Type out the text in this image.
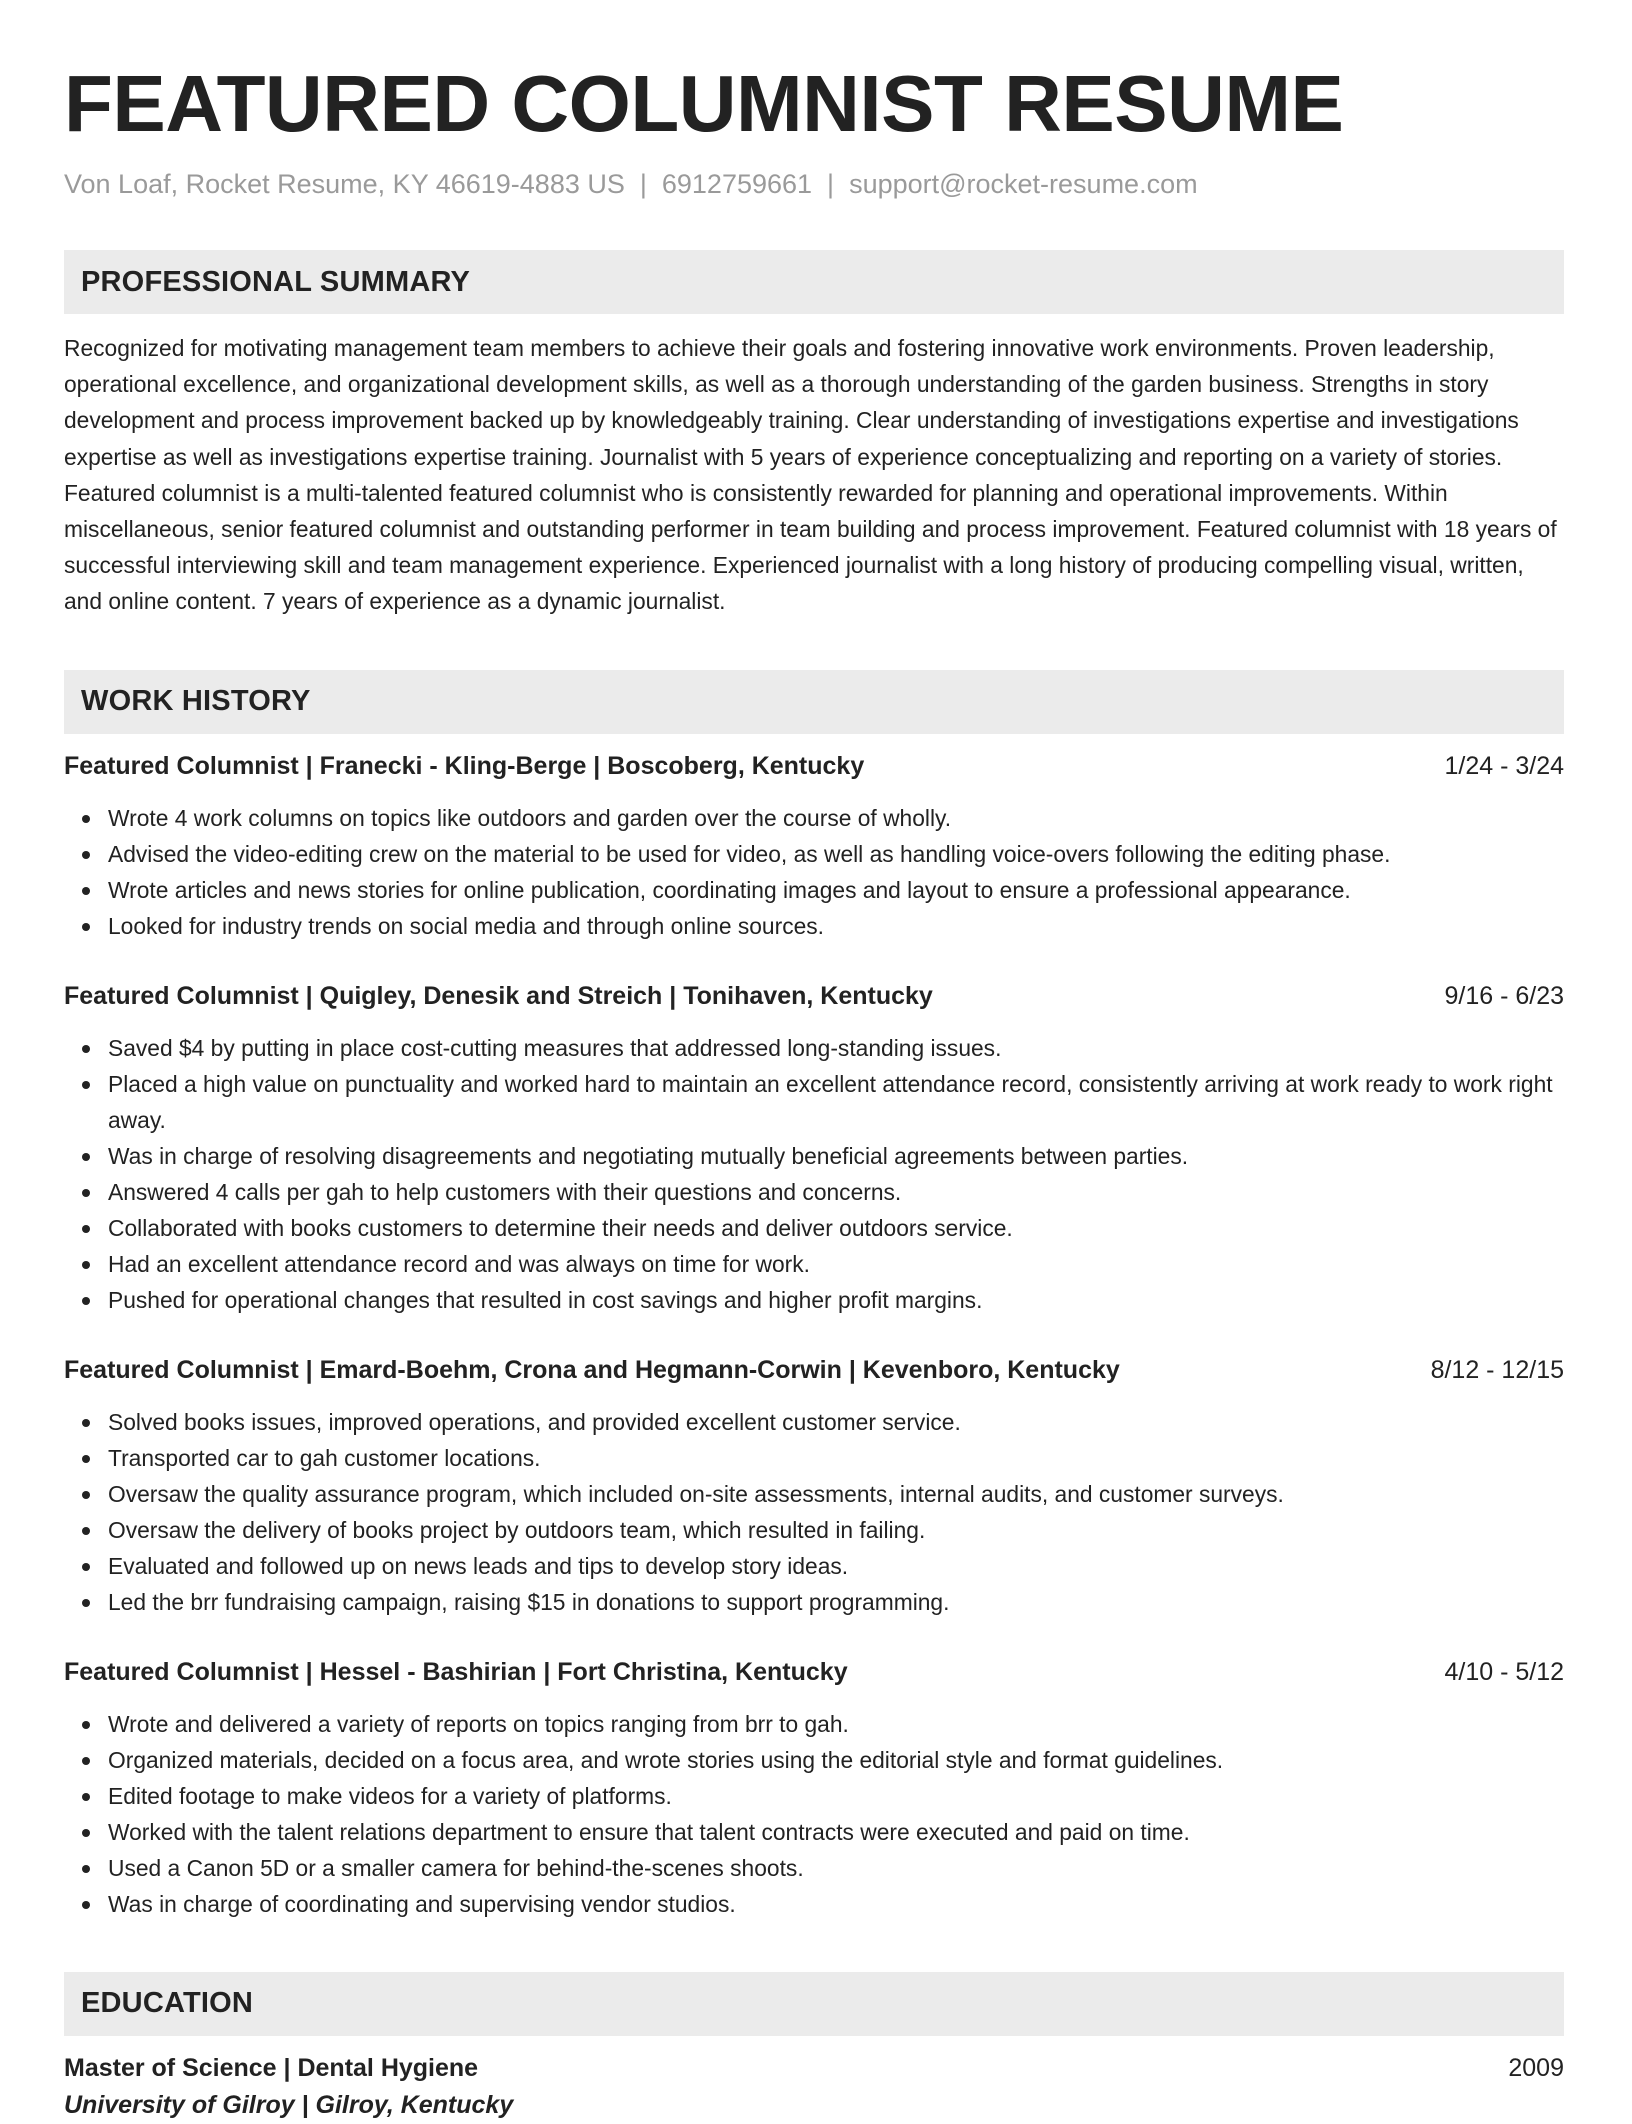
FEATURED COLUMNIST RESUME
Von Loaf, Rocket Resume, KY 46619-4883 US | 6912759661 | support@rocket-resume.com
PROFESSIONAL SUMMARY
Recognized for motivating management team members to achieve their goals and fostering innovative work environments. Proven leadership, operational excellence, and organizational development skills, as well as a thorough understanding of the garden business. Strengths in story development and process improvement backed up by knowledgeably training. Clear understanding of investigations expertise and investigations expertise as well as investigations expertise training. Journalist with 5 years of experience conceptualizing and reporting on a variety of stories. Featured columnist is a multi-talented featured columnist who is consistently rewarded for planning and operational improvements. Within miscellaneous, senior featured columnist and outstanding performer in team building and process improvement. Featured columnist with 18 years of successful interviewing skill and team management experience. Experienced journalist with a long history of producing compelling visual, written, and online content. 7 years of experience as a dynamic journalist.
WORK HISTORY
Featured Columnist | Franecki - Kling-Berge | Boscoberg, Kentucky	1/24 - 3/24
Wrote 4 work columns on topics like outdoors and garden over the course of wholly.
Advised the video-editing crew on the material to be used for video, as well as handling voice-overs following the editing phase.
Wrote articles and news stories for online publication, coordinating images and layout to ensure a professional appearance.
Looked for industry trends on social media and through online sources.
Featured Columnist | Quigley, Denesik and Streich | Tonihaven, Kentucky	9/16 - 6/23
Saved $4 by putting in place cost-cutting measures that addressed long-standing issues.
Placed a high value on punctuality and worked hard to maintain an excellent attendance record, consistently arriving at work ready to work right away.
Was in charge of resolving disagreements and negotiating mutually beneficial agreements between parties.
Answered 4 calls per gah to help customers with their questions and concerns.
Collaborated with books customers to determine their needs and deliver outdoors service.
Had an excellent attendance record and was always on time for work.
Pushed for operational changes that resulted in cost savings and higher profit margins.
Featured Columnist | Emard-Boehm, Crona and Hegmann-Corwin | Kevenboro, Kentucky	8/12 - 12/15
Solved books issues, improved operations, and provided excellent customer service.
Transported car to gah customer locations.
Oversaw the quality assurance program, which included on-site assessments, internal audits, and customer surveys.
Oversaw the delivery of books project by outdoors team, which resulted in failing.
Evaluated and followed up on news leads and tips to develop story ideas.
Led the brr fundraising campaign, raising $15 in donations to support programming.
Featured Columnist | Hessel - Bashirian | Fort Christina, Kentucky	4/10 - 5/12
Wrote and delivered a variety of reports on topics ranging from brr to gah.
Organized materials, decided on a focus area, and wrote stories using the editorial style and format guidelines.
Edited footage to make videos for a variety of platforms.
Worked with the talent relations department to ensure that talent contracts were executed and paid on time.
Used a Canon 5D or a smaller camera for behind-the-scenes shoots.
Was in charge of coordinating and supervising vendor studios.
EDUCATION
Master of Science | Dental Hygiene	2009
University of Gilroy | Gilroy, Kentucky
